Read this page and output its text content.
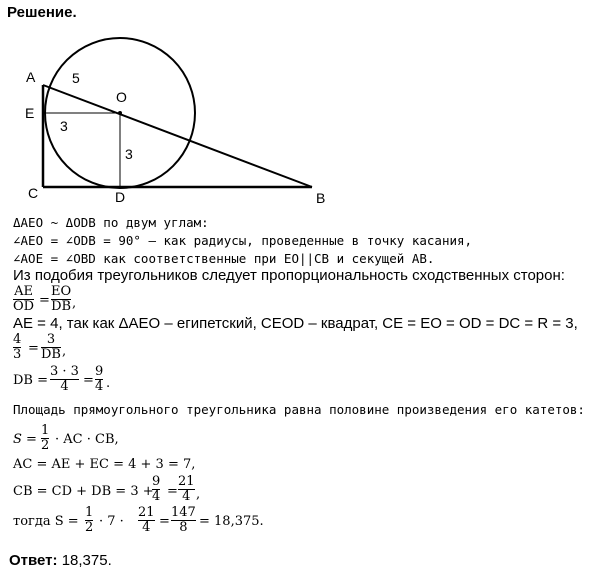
Решение.
A
E
O
C	D	B
5
3
3
ΔAEO ~ ΔODB по двум углам:
∠AEO = ∠ODB = 90° – как радиусы, проведенные в точку касания,
∠AOE = ∠OBD как соответственные при EO||CB и секущей AB.
Из подобия треугольников следует пропорциональность сходственных сторон:
AE
OD =
EO
DB ,
AE = 4, так как ΔAEO – египетский, CEOD – квадрат, CE = EO = OD = DC = R = 3,
4
3 =
3
DB ,
DB =
3 · 3
4 =
9
4 .
Площадь прямоугольного треугольника равна половине произведения его катетов:
S =
1
2 · AC · CB,
AC = AE + EC = 4 + 3 = 7,
CB = CD + DB = 3 +
9
4 =
21
4 ,
тогда S =
1
2 · 7 ·
21
4 =
147
8 = 18,375.
Ответ: 18,375.
